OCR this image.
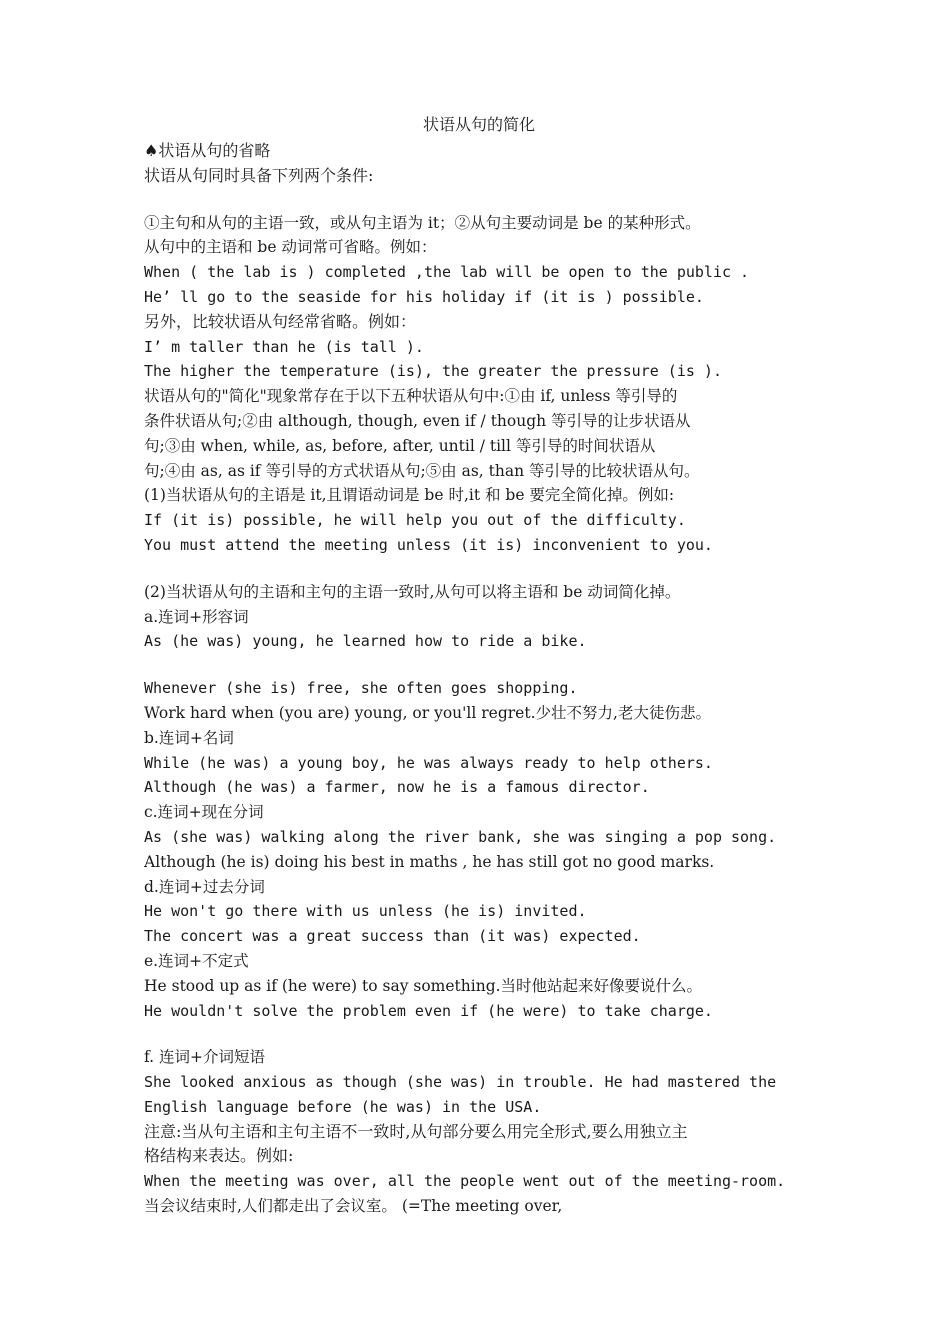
状语从句的简化
♠状语从句的省略
状语从句同时具备下列两个条件:
①主句和从句的主语一致，或从句主语为 it；②从句主要动词是 be 的某种形式。
从句中的主语和 be 动词常可省略。例如：
When ( the lab is ) completed ,the lab will be open to the public .
He’ ll go to the seaside for his holiday if (it is ) possible.
另外，比较状语从句经常省略。例如：
I’ m taller than he (is tall ).
The higher the temperature (is), the greater the pressure (is ).
状语从句的"简化"现象常存在于以下五种状语从句中:①由 if, unless 等引导的
条件状语从句;②由 although, though, even if / though 等引导的让步状语从
句;③由 when, while, as, before, after, until / till 等引导的时间状语从
句;④由 as, as if 等引导的方式状语从句;⑤由 as, than 等引导的比较状语从句。
(1)当状语从句的主语是 it,且谓语动词是 be 时,it 和 be 要完全简化掉。例如:
If (it is) possible, he will help you out of the difficulty.
You must attend the meeting unless (it is) inconvenient to you.
(2)当状语从句的主语和主句的主语一致时,从句可以将主语和 be 动词简化掉。
a.连词+形容词
As (he was) young, he learned how to ride a bike.
Whenever (she is) free, she often goes shopping.
Work hard when (you are) young, or you'll regret.少壮不努力,老大徒伤悲。
b.连词+名词
While (he was) a young boy, he was always ready to help others.
Although (he was) a farmer, now he is a famous director.
c.连词+现在分词
As (she was) walking along the river bank, she was singing a pop song.
Although (he is) doing his best in maths , he has still got no good marks.
d.连词+过去分词
He won't go there with us unless (he is) invited.
The concert was a great success than (it was) expected.
e.连词+不定式
He stood up as if (he were) to say something.当时他站起来好像要说什么。
He wouldn't solve the problem even if (he were) to take charge.
f. 连词+介词短语
She looked anxious as though (she was) in trouble. He had mastered the
English language before (he was) in the USA.
注意:当从句主语和主句主语不一致时,从句部分要么用完全形式,要么用独立主
格结构来表达。例如:
When the meeting was over, all the people went out of the meeting-room.
当会议结束时,人们都走出了会议室。 (=The meeting over,
